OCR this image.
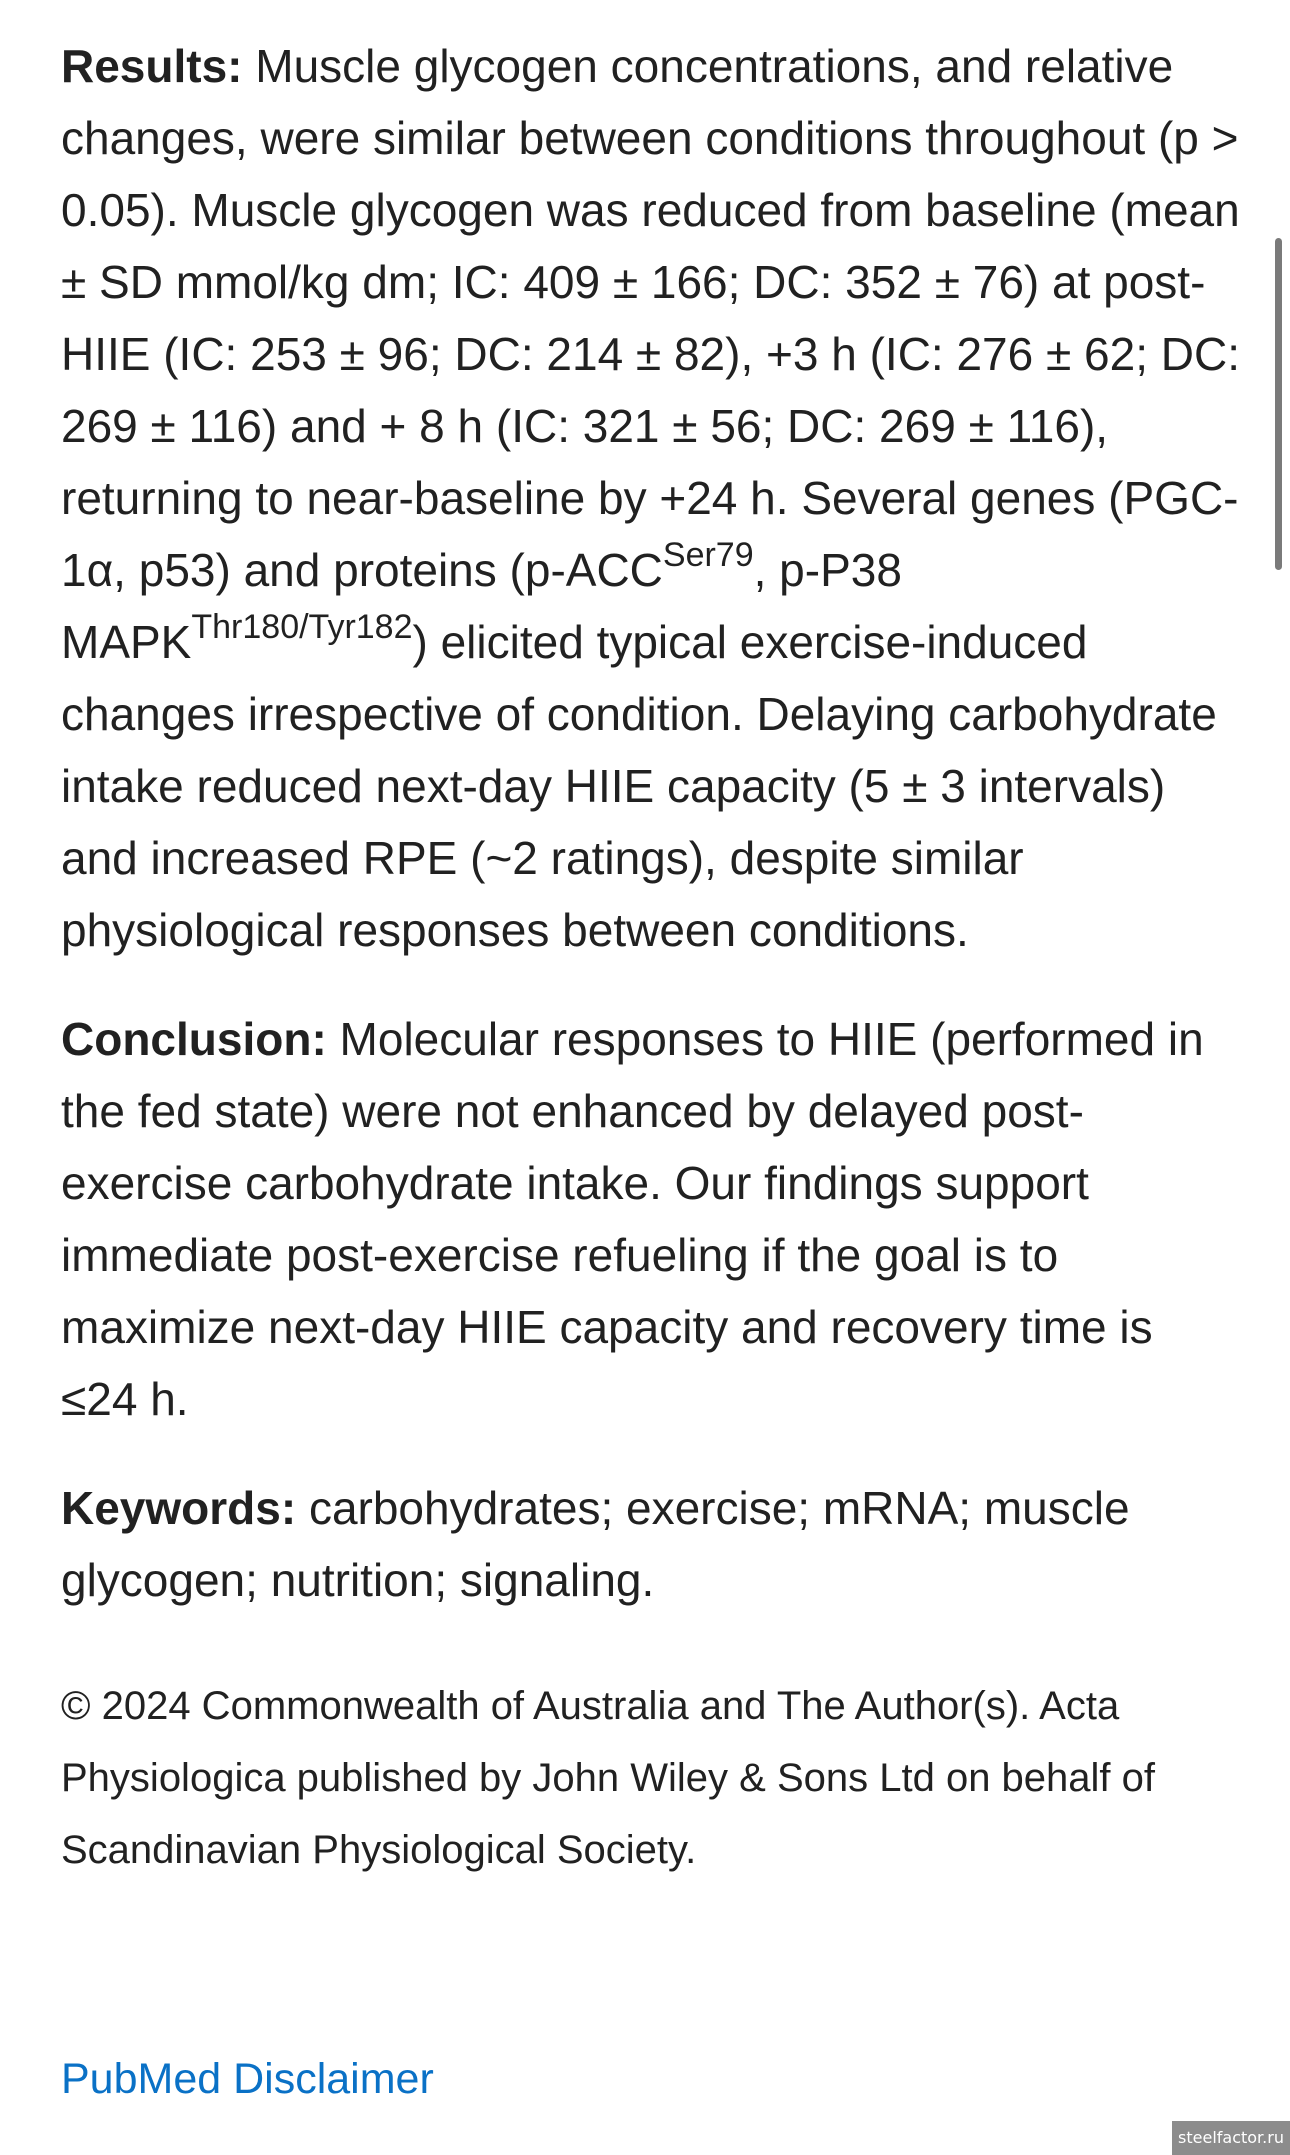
Results: Muscle glycogen concentrations, and relative changes, were similar between conditions throughout (p > 0.05). Muscle glycogen was reduced from baseline (mean ± SD mmol/kg dm; IC: 409 ± 166; DC: 352 ± 76) at post-HIIE (IC: 253 ± 96; DC: 214 ± 82), +3 h (IC: 276 ± 62; DC: 269 ± 116) and + 8 h (IC: 321 ± 56; DC: 269 ± 116), returning to near-baseline by +24 h. Several genes (PGC-1α, p53) and proteins ($p-ACC^{Ser79}$, p-P38 $MAPK^{Thr180/Tyr182}$) elicited typical exercise-induced changes irrespective of condition. Delaying carbohydrate intake reduced next-day HIIE capacity (5 ± 3 intervals) and increased RPE (~2 ratings), despite similar physiological responses between conditions.

Conclusion: Molecular responses to HIIE (performed in the fed state) were not enhanced by delayed post-exercise carbohydrate intake. Our findings support immediate post-exercise refueling if the goal is to maximize next-day HIIE capacity and recovery time is ≤24 h.

Keywords: carbohydrates; exercise; mRNA; muscle glycogen; nutrition; signaling.

© 2024 Commonwealth of Australia and The Author(s). Acta Physiologica published by John Wiley & Sons Ltd on behalf of Scandinavian Physiological Society.

PubMed Disclaimer
steelfactor.ru
